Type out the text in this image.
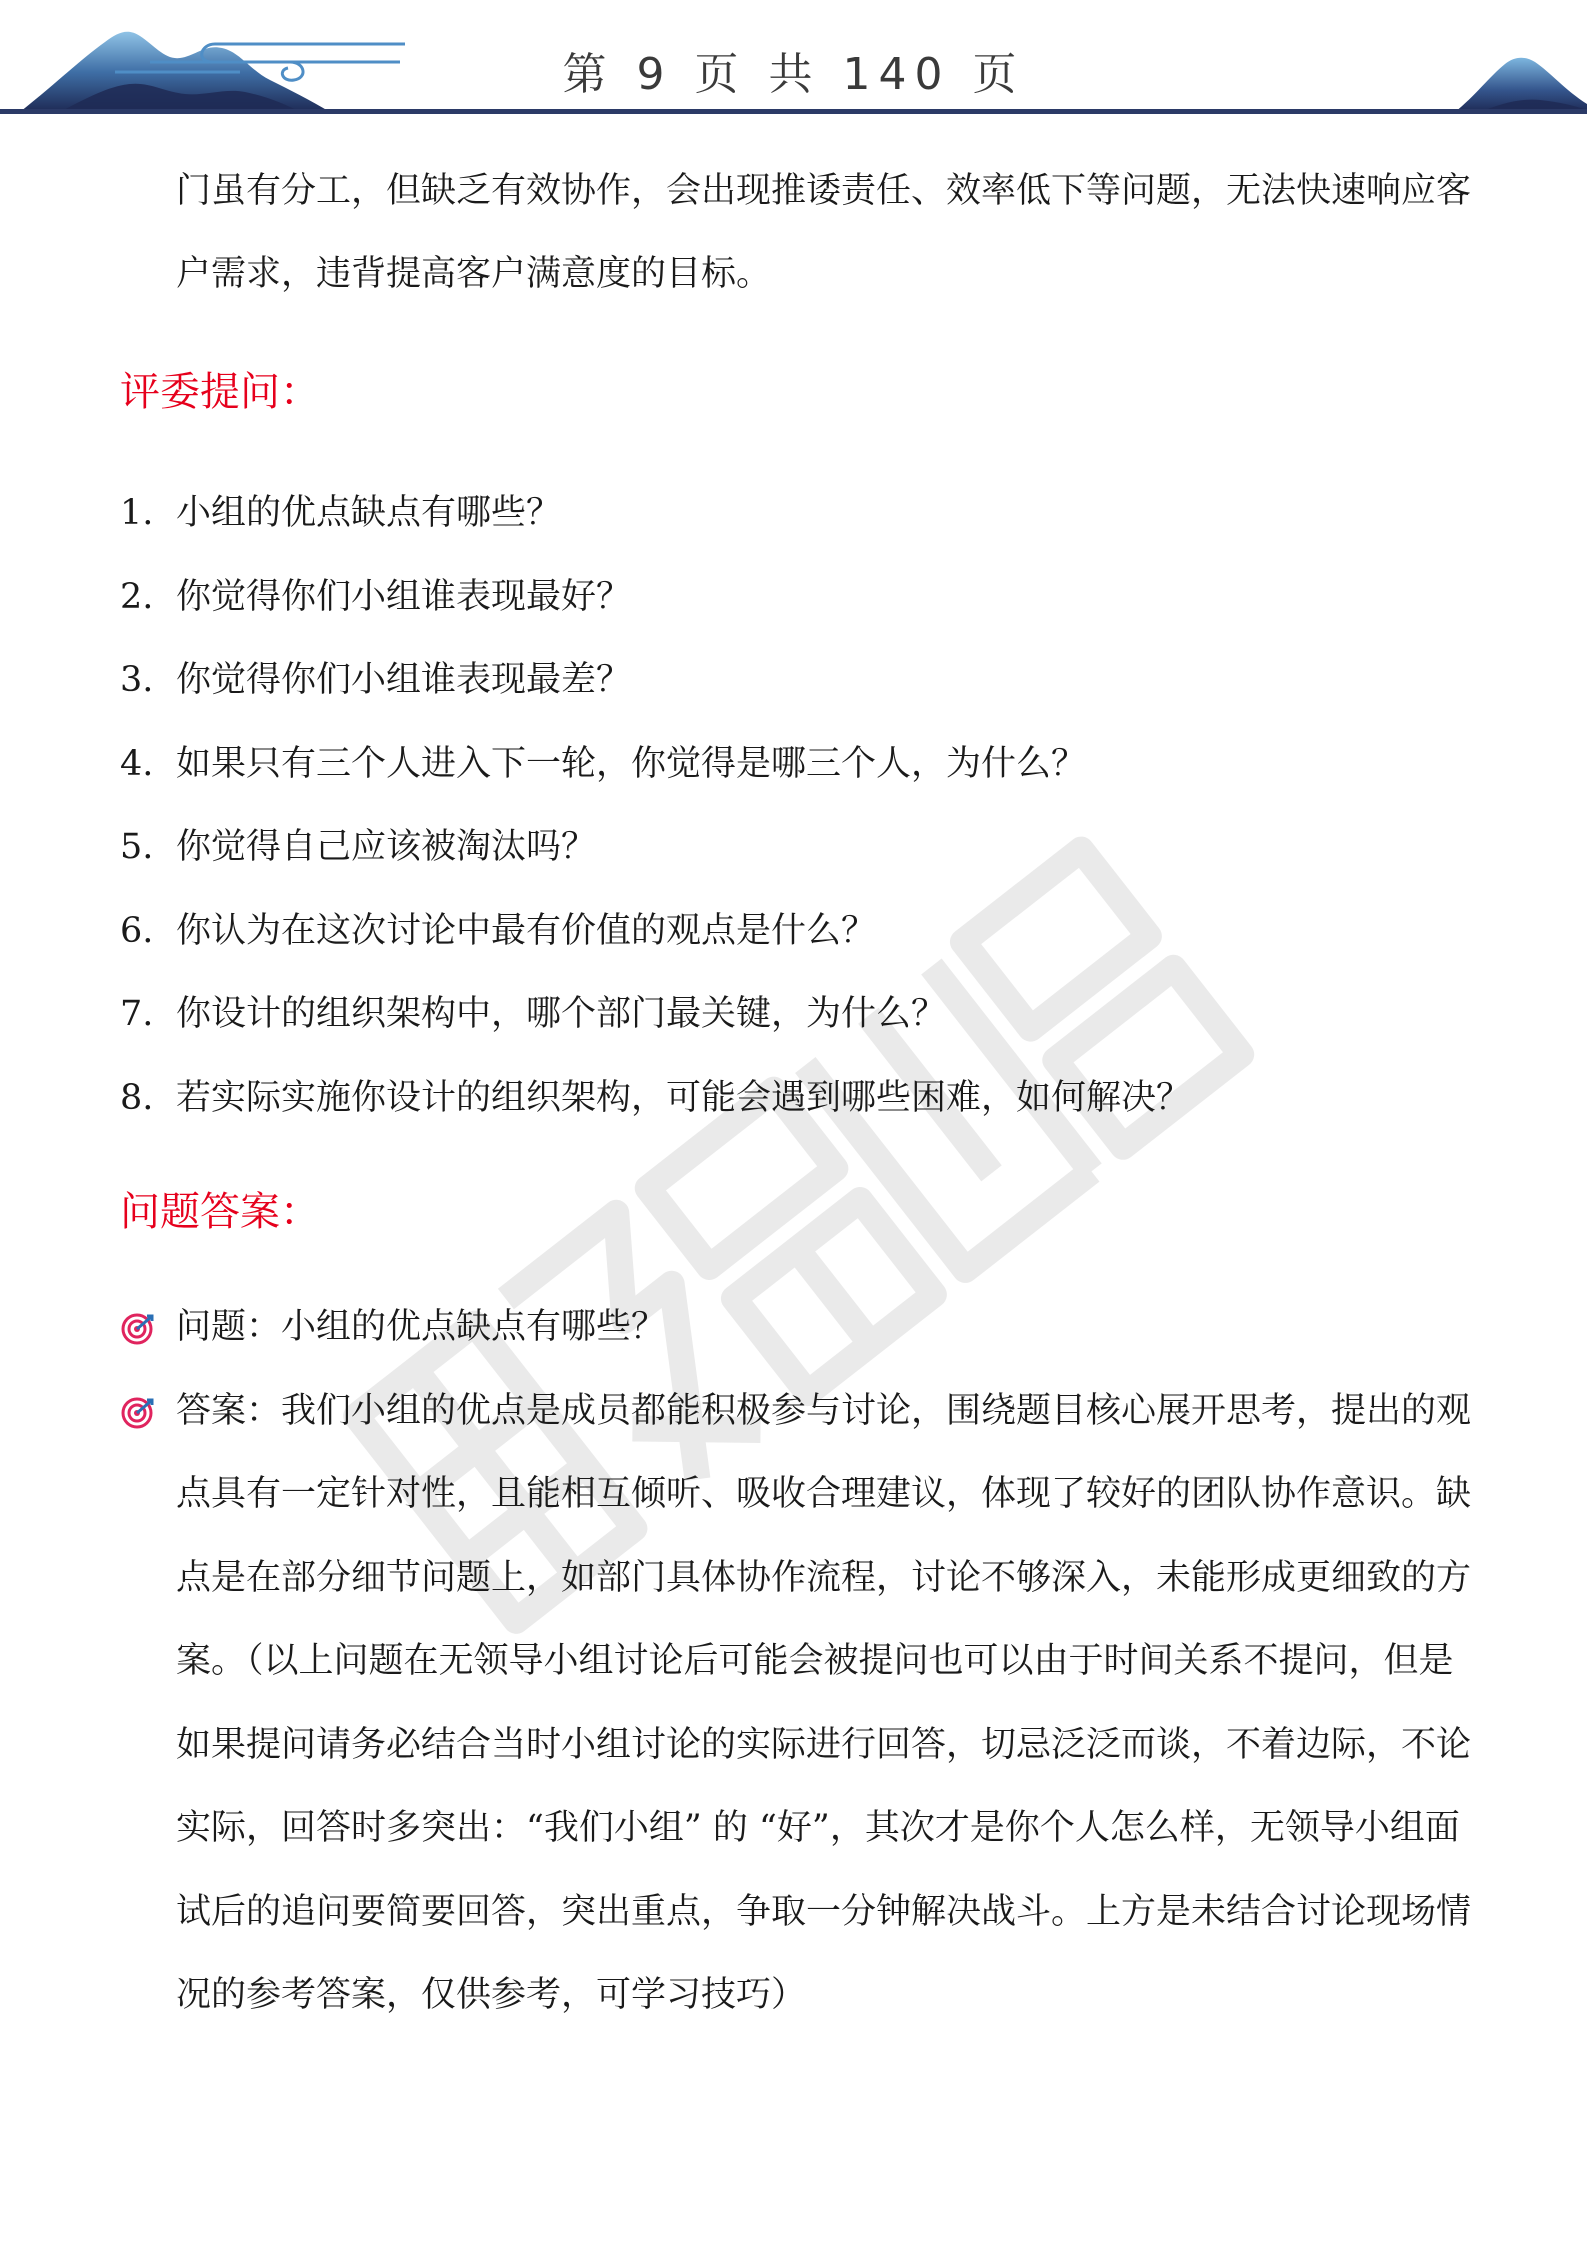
第 9 页 共 140 页

门虽有分工，但缺乏有效协作，会出现推诿责任、效率低下等问题，无法快速响应客户需求，违背提高客户满意度的目标。

评委提问：
1. 小组的优点缺点有哪些？
2. 你觉得你们小组谁表现最好？
3. 你觉得你们小组谁表现最差？
4. 如果只有三个人进入下一轮，你觉得是哪三个人，为什么？
5. 你觉得自己应该被淘汰吗？
6. 你认为在这次讨论中最有价值的观点是什么？
7. 你设计的组织架构中，哪个部门最关键，为什么？
8. 若实际实施你设计的组织架构，可能会遇到哪些困难，如何解决？
问题答案：
问题：小组的优点缺点有哪些？
答案：我们小组的优点是成员都能积极参与讨论，围绕题目核心展开思考，提出的观点具有一定针对性，且能相互倾听、吸收合理建议，体现了较好的团队协作意识。缺点是在部分细节问题上，如部门具体协作流程，讨论不够深入，未能形成更细致的方案。（以上问题在无领导小组讨论后可能会被提问也可以由于时间关系不提问，但是如果提问请务必结合当时小组讨论的实际进行回答，切忌泛泛而谈，不着边际，不论实际，回答时多突出：“我们小组” 的 “好”，其次才是你个人怎么样，无领导小组面试后的追问要简要回答，突出重点，争取一分钟解决战斗。上方是未结合讨论现场情况的参考答案，仅供参考，可学习技巧）
